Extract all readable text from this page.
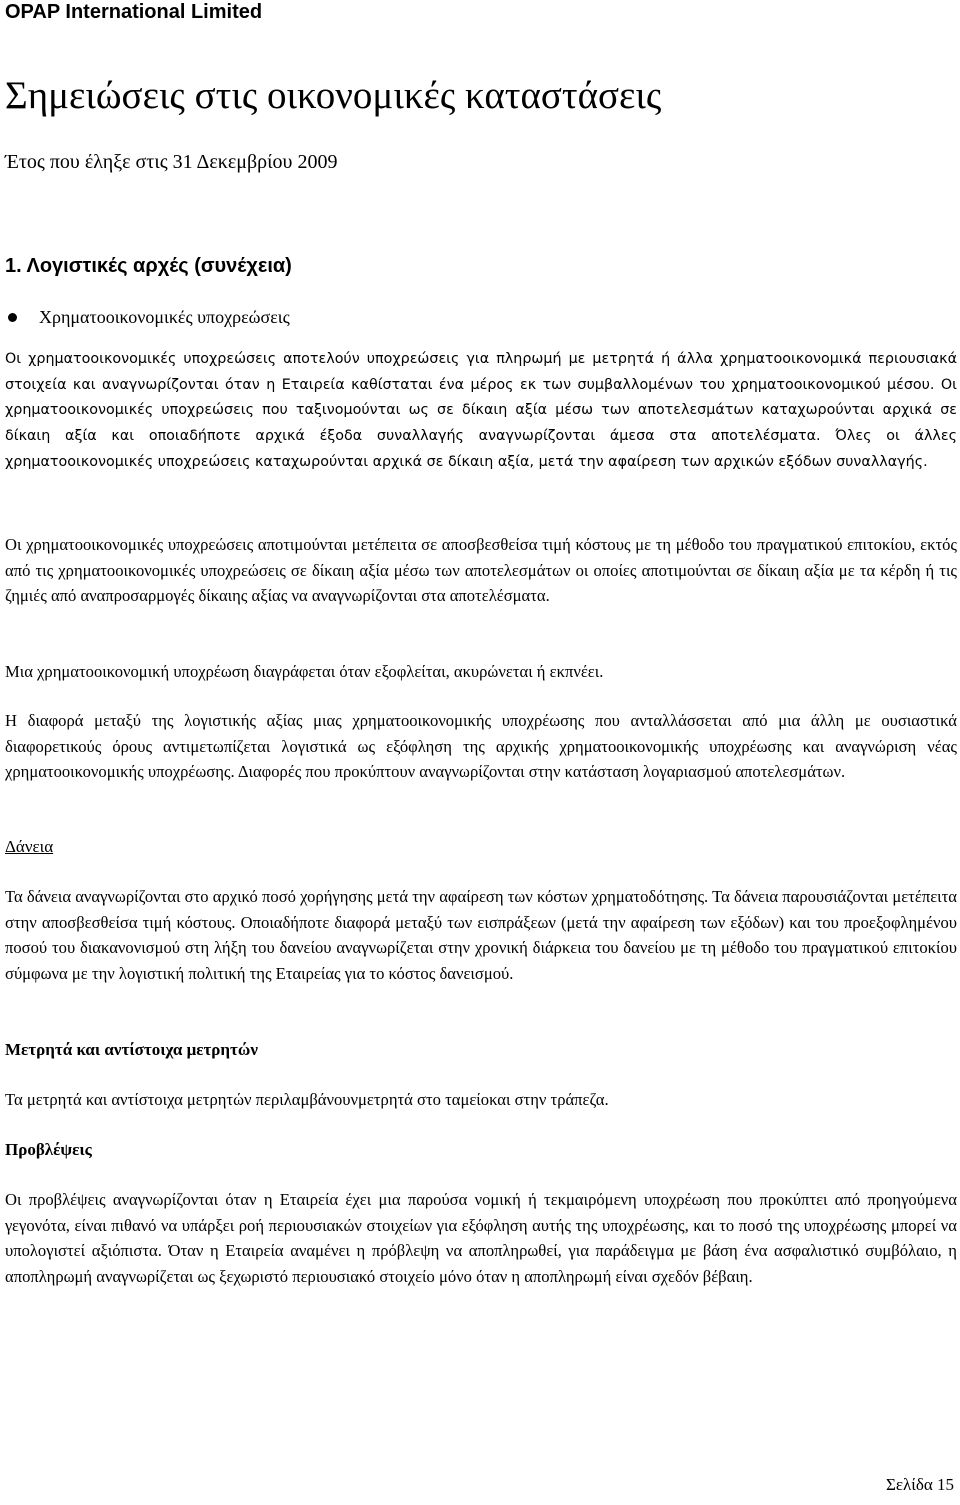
OPAP International Limited
Σημειώσεις στις οικονομικές καταστάσεις
Έτος που έληξε στις 31 Δεκεμβρίου 2009
1. Λογιστικές αρχές (συνέχεια)
Χρηματοοικονομικές υποχρεώσεις
Οι χρηματοοικονομικές υποχρεώσεις αποτελούν υποχρεώσεις για πληρωμή με μετρητά ή άλλα χρηματοοικονομικά περιουσιακά στοιχεία και αναγνωρίζονται όταν η Εταιρεία καθίσταται ένα μέρος εκ των συμβαλλομένων του χρηματοοικονομικού μέσου. Οι χρηματοοικονομικές υποχρεώσεις που ταξινομούνται ως σε δίκαιη αξία μέσω των αποτελεσμάτων καταχωρούνται αρχικά σε δίκαιη αξία και οποιαδήποτε αρχικά έξοδα συναλλαγής αναγνωρίζονται άμεσα στα αποτελέσματα. Όλες οι άλλες χρηματοοικονομικές υποχρεώσεις καταχωρούνται αρχικά σε δίκαιη αξία, μετά την αφαίρεση των αρχικών εξόδων συναλλαγής.
Οι χρηματοοικονομικές υποχρεώσεις αποτιμούνται μετέπειτα σε αποσβεσθείσα τιμή κόστους με τη μέθοδο του πραγματικού επιτοκίου, εκτός από τις χρηματοοικονομικές υποχρεώσεις σε δίκαιη αξία μέσω των αποτελεσμάτων οι οποίες αποτιμούνται σε δίκαιη αξία με τα κέρδη ή τις ζημιές από αναπροσαρμογές δίκαιης αξίας να αναγνωρίζονται στα αποτελέσματα.
Μια χρηματοοικονομική υποχρέωση διαγράφεται όταν εξοφλείται, ακυρώνεται ή εκπνέει.
Η διαφορά μεταξύ της λογιστικής αξίας μιας χρηματοοικονομικής υποχρέωσης που ανταλλάσσεται από μια άλλη με ουσιαστικά διαφορετικούς όρους αντιμετωπίζεται λογιστικά ως εξόφληση της αρχικής χρηματοοικονομικής υποχρέωσης και αναγνώριση νέας χρηματοοικονομικής υποχρέωσης. Διαφορές που προκύπτουν αναγνωρίζονται στην κατάσταση λογαριασμού αποτελεσμάτων.
Δάνεια
Τα δάνεια αναγνωρίζονται στο αρχικό ποσό χορήγησης μετά την αφαίρεση των κόστων χρηματοδότησης. Τα δάνεια παρουσιάζονται μετέπειτα στην αποσβεσθείσα τιμή κόστους. Οποιαδήποτε διαφορά μεταξύ των εισπράξεων (μετά την αφαίρεση των εξόδων) και του προεξοφλημένου ποσού του διακανονισμού στη λήξη του δανείου αναγνωρίζεται στην χρονική διάρκεια του δανείου με τη μέθοδο του πραγματικού επιτοκίου σύμφωνα με την λογιστική πολιτική της Εταιρείας για το κόστος δανεισμού.
Μετρητά και αντίστοιχα μετρητών
Τα μετρητά και αντίστοιχα μετρητών περιλαμβάνουνμετρητά στο ταμείοκαι στην τράπεζα.
Προβλέψεις
Οι προβλέψεις αναγνωρίζονται όταν η Εταιρεία έχει μια παρούσα νομική ή τεκμαιρόμενη υποχρέωση που προκύπτει από προηγούμενα γεγονότα, είναι πιθανό να υπάρξει ροή περιουσιακών στοιχείων για εξόφληση αυτής της υποχρέωσης, και το ποσό της υποχρέωσης μπορεί να υπολογιστεί αξιόπιστα. Όταν η Εταιρεία αναμένει η πρόβλεψη να αποπληρωθεί, για παράδειγμα με βάση ένα ασφαλιστικό συμβόλαιο, η αποπληρωμή αναγνωρίζεται ως ξεχωριστό περιουσιακό στοιχείο μόνο όταν η αποπληρωμή είναι σχεδόν βέβαιη.
Σελίδα 15
